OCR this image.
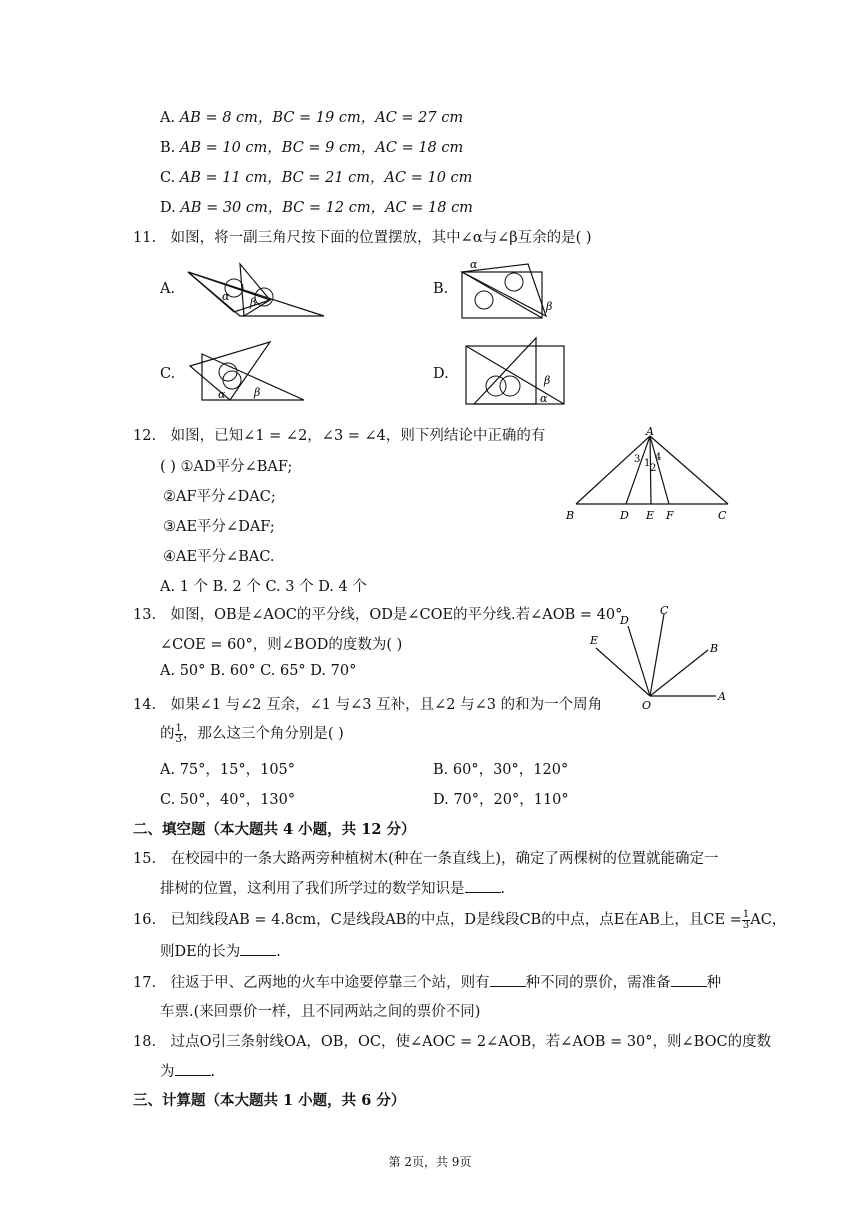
A. AB = 8 cm，BC = 19 cm，AC = 27 cm
B. AB = 10 cm，BC = 9 cm，AC = 18 cm
C. AB = 11 cm，BC = 21 cm，AC = 10 cm
D. AB = 30 cm，BC = 12 cm，AC = 18 cm
11. 如图，将一副三角尺按下面的位置摆放，其中∠α与∠β互余的是( )
A.	B.
C.	D.
α β
α
β
α	β
β
α
12. 如图，已知∠1 = ∠2，∠3 = ∠4，则下列结论中正确的有
( ) ①AD平分∠BAF;
②AF平分∠DAC;
③AE平分∠DAF;
④AE平分∠BAC.
A. 1 个 B. 2 个 C. 3 个 D. 4 个
A
B	D E F	C
3 1 2
4
13. 如图，OB是∠AOC的平分线，OD是∠COE的平分线.若∠AOB = 40°
∠COE = 60°，则∠BOD的度数为( )
A. 50° B. 60° C. 65° D. 70°
O
A
B
C
D
E
14. 如果∠1 与∠2 互余，∠1 与∠3 互补，且∠2 与∠3 的和为一个周角
的 $\frac{1}{3}$ ，那么这三个角分别是( )
A. 75°，15°，105°	B. 60°，30°，120°
C. 50°，40°，130°	D. 70°，20°，110°
二、填空题（本大题共 4 小题，共 12 分）
15. 在校园中的一条大路两旁种植树木(种在一条直线上)，确定了两棵树的位置就能确定一
排树的位置，这利用了我们所学过的数学知识是 .
16. 已知线段AB = 4.8cm，C是线段AB的中点，D是线段CB的中点，点E在AB上，且CE = $\frac{1}{3}$ AC，
则DE的长为 .
17. 往返于甲、乙两地的火车中途要停靠三个站，则有 种不同的票价，需准备 种
车票.(来回票价一样，且不同两站之间的票价不同)
18. 过点O引三条射线OA，OB，OC，使∠AOC = 2∠AOB，若∠AOB = 30°，则∠BOC的度数
为 .
三、计算题（本大题共 1 小题，共 6 分）
第 2页，共 9页
